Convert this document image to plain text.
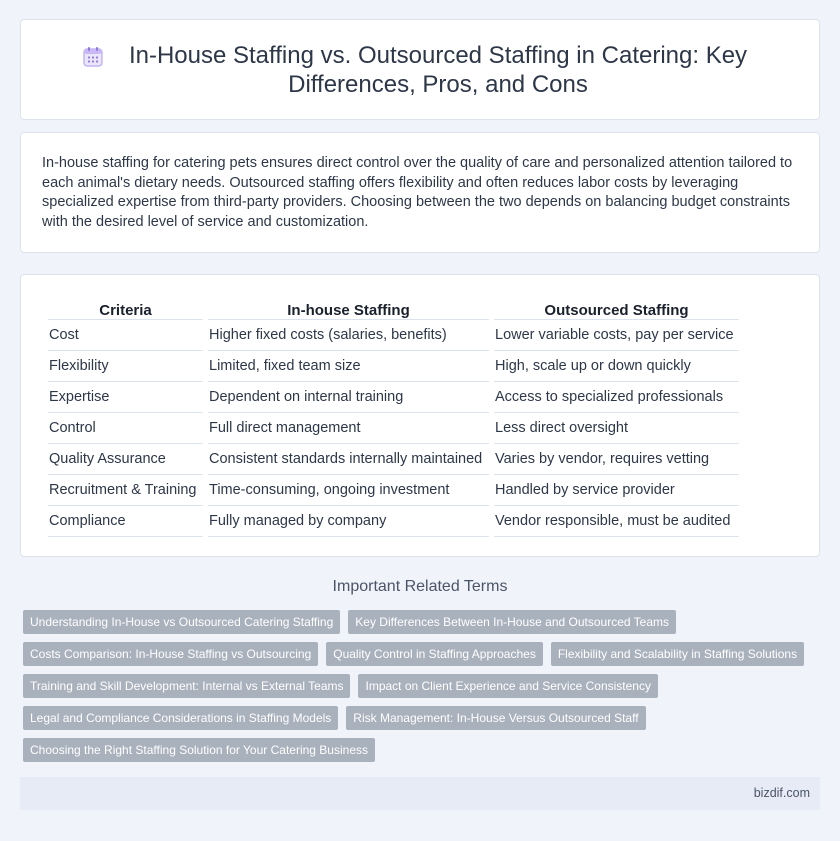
In-House Staffing vs. Outsourced Staffing in Catering: Key Differences, Pros, and Cons

In-house staffing for catering pets ensures direct control over the quality of care and personalized attention tailored to each animal's dietary needs. Outsourced staffing offers flexibility and often reduces labor costs by leveraging specialized expertise from third-party providers. Choosing between the two depends on balancing budget constraints with the desired level of service and customization.

Criteria	In-house Staffing	Outsourced Staffing
Cost	Higher fixed costs (salaries, benefits)	Lower variable costs, pay per service
Flexibility	Limited, fixed team size	High, scale up or down quickly
Expertise	Dependent on internal training	Access to specialized professionals
Control	Full direct management	Less direct oversight
Quality Assurance	Consistent standards internally maintained	Varies by vendor, requires vetting
Recruitment & Training	Time-consuming, ongoing investment	Handled by service provider
Compliance	Fully managed by company	Vendor responsible, must be audited
Important Related Terms
Understanding In-House vs Outsourced Catering Staffing	Key Differences Between In-House and Outsourced Teams
Costs Comparison: In-House Staffing vs Outsourcing	Quality Control in Staffing Approaches	Flexibility and Scalability in Staffing Solutions
Training and Skill Development: Internal vs External Teams	Impact on Client Experience and Service Consistency
Legal and Compliance Considerations in Staffing Models	Risk Management: In-House Versus Outsourced Staff
Choosing the Right Staffing Solution for Your Catering Business
bizdif.com
